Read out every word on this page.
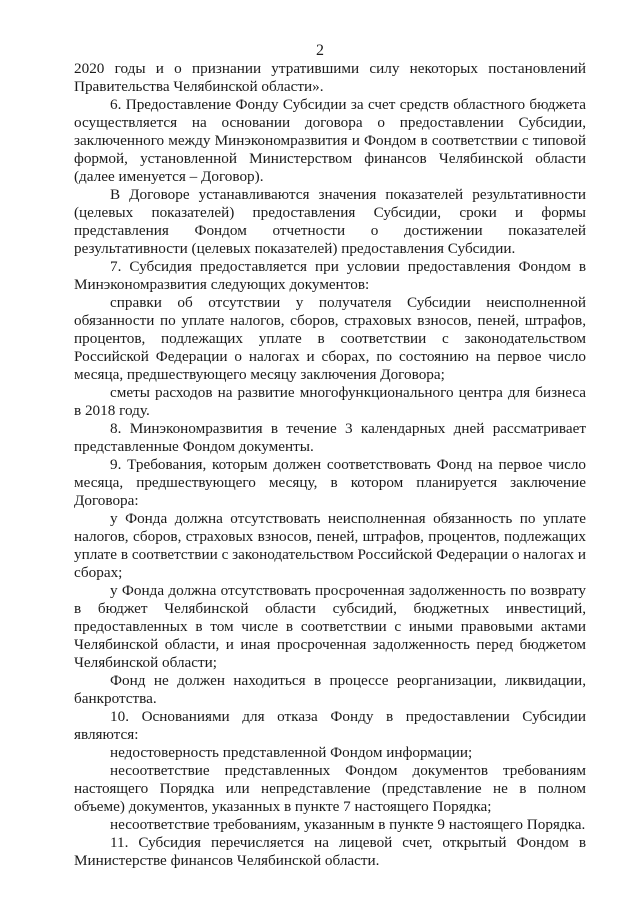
2

2020 годы и о признании утратившими силу некоторых постановлений Правительства Челябинской области».

6. Предоставление Фонду Субсидии за счет средств областного бюджета осуществляется на основании договора о предоставлении Субсидии, заключенного между Минэкономразвития и Фондом в соответствии с типовой формой, установленной Министерством финансов Челябинской области (далее именуется – Договор).

В Договоре устанавливаются значения показателей результативности (целевых показателей) предоставления Субсидии, сроки и формы представления Фондом отчетности о достижении показателей результативности (целевых показателей) предоставления Субсидии.

7. Субсидия предоставляется при условии предоставления Фондом в Минэкономразвития следующих документов:

справки об отсутствии у получателя Субсидии неисполненной обязанности по уплате налогов, сборов, страховых взносов, пеней, штрафов, процентов, подлежащих уплате в соответствии с законодательством Российской Федерации о налогах и сборах, по состоянию на первое число месяца, предшествующего месяцу заключения Договора;

сметы расходов на развитие многофункционального центра для бизнеса в 2018 году.

8. Минэкономразвития в течение 3 календарных дней рассматривает представленные Фондом документы.

9. Требования, которым должен соответствовать Фонд на первое число месяца, предшествующего месяцу, в котором планируется заключение Договора:

у Фонда должна отсутствовать неисполненная обязанность по уплате налогов, сборов, страховых взносов, пеней, штрафов, процентов, подлежащих уплате в соответствии с законодательством Российской Федерации о налогах и сборах;

у Фонда должна отсутствовать просроченная задолженность по возврату в бюджет Челябинской области субсидий, бюджетных инвестиций, предоставленных в том числе в соответствии с иными правовыми актами Челябинской области, и иная просроченная задолженность перед бюджетом Челябинской области;

Фонд не должен находиться в процессе реорганизации, ликвидации, банкротства.

10. Основаниями для отказа Фонду в предоставлении Субсидии являются:

недостоверность представленной Фондом информации;

несоответствие представленных Фондом документов требованиям настоящего Порядка или непредставление (представление не в полном объеме) документов, указанных в пункте 7 настоящего Порядка;

несоответствие требованиям, указанным в пункте 9 настоящего Порядка.

11. Субсидия перечисляется на лицевой счет, открытый Фондом в Министерстве финансов Челябинской области.
